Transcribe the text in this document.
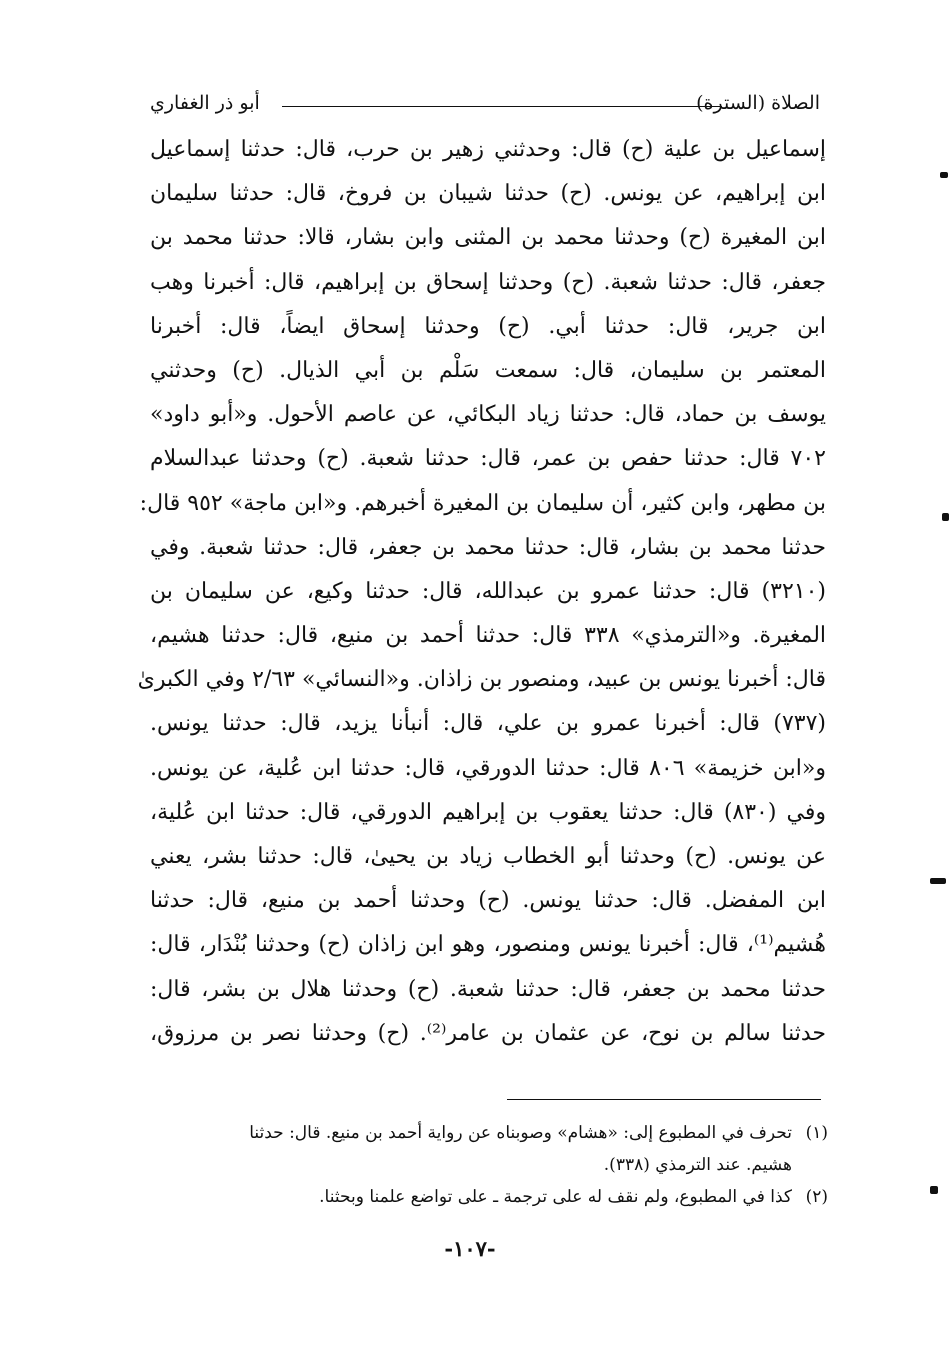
الصلاة (السترة)
أبو ذر الغفاري
إسماعيل بن علية (ح) قال: وحدثني زهير بن حرب، قال: حدثنا إسماعيل
ابن إبراهيم، عن يونس. (ح) حدثنا شيبان بن فروخ، قال: حدثنا سليمان
ابن المغيرة (ح) وحدثنا محمد بن المثنى وابن بشار، قالا: حدثنا محمد بن
جعفر، قال: حدثنا شعبة. (ح) وحدثنا إسحاق بن إبراهيم، قال: أخبرنا وهب
ابن جرير، قال: حدثنا أبي. (ح) وحدثنا إسحاق ايضاً، قال: أخبرنا
المعتمر بن سليمان، قال: سمعت سَلْم بن أبي الذيال. (ح) وحدثني
يوسف بن حماد، قال: حدثنا زياد البكائي، عن عاصم الأحول. و«أبو داود»
٧٠٢ قال: حدثنا حفص بن عمر، قال: حدثنا شعبة. (ح) وحدثنا عبدالسلام
بن مطهر، وابن كثير، أن سليمان بن المغيرة أخبرهم. و«ابن ماجة» ٩٥٢ قال:
حدثنا محمد بن بشار، قال: حدثنا محمد بن جعفر، قال: حدثنا شعبة. وفي
(٣٢١٠) قال: حدثنا عمرو بن عبدالله، قال: حدثنا وكيع، عن سليمان بن
المغيرة. و«الترمذي» ٣٣٨ قال: حدثنا أحمد بن منيع، قال: حدثنا هشيم،
قال: أخبرنا يونس بن عبيد، ومنصور بن زاذان. و«النسائي» ٢/٦٣ وفي الكبرىٰ
(٧٣٧) قال: أخبرنا عمرو بن علي، قال: أنبأنا يزيد، قال: حدثنا يونس.
و«ابن خزيمة» ٨٠٦ قال: حدثنا الدورقي، قال: حدثنا ابن عُلية، عن يونس.
وفي (٨٣٠) قال: حدثنا يعقوب بن إبراهيم الدورقي، قال: حدثنا ابن عُلية،
عن يونس. (ح) وحدثنا أبو الخطاب زياد بن يحيىٰ، قال: حدثنا بشر، يعني
ابن المفضل. قال: حدثنا يونس. (ح) وحدثنا أحمد بن منيع، قال: حدثنا
هُشيم⁽¹⁾، قال: أخبرنا يونس ومنصور، وهو ابن زاذان (ح) وحدثنا بُنْدَار، قال:
حدثنا محمد بن جعفر، قال: حدثنا شعبة. (ح) وحدثنا هلال بن بشر، قال:
حدثنا سالم بن نوح، عن عثمان بن عامر⁽²⁾. (ح) وحدثنا نصر بن مرزوق،
(١)تحرف في المطبوع إلى: «هشام» وصوبناه عن رواية أحمد بن منيع. قال: حدثنا
هشيم. عند الترمذي (٣٣٨).
(٢)كذا في المطبوع، ولم نقف له على ترجمة ـ على تواضع علمنا وبحثنا.
-١٠٧-
